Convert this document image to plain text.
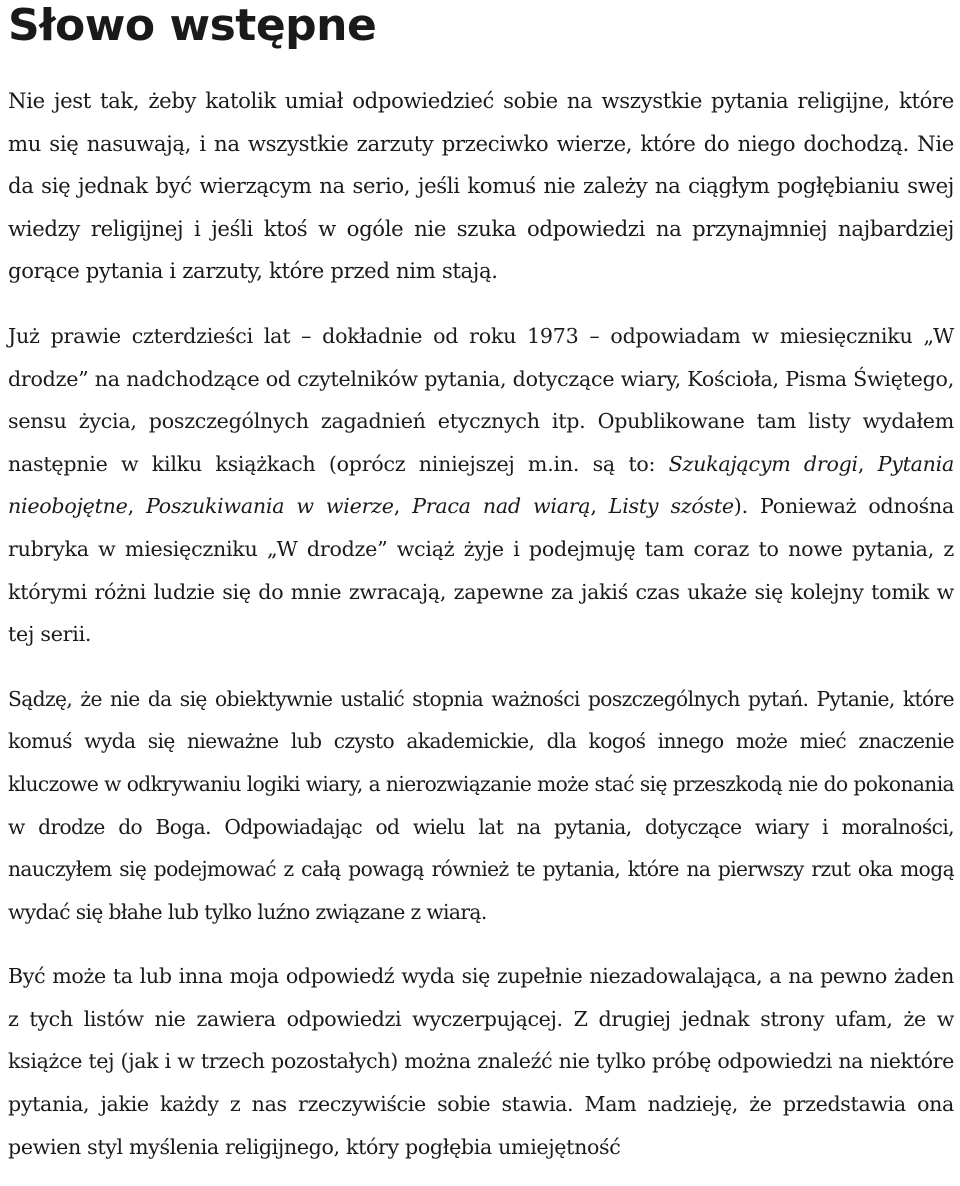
Słowo wstępne

Nie jest tak, żeby katolik umiał odpowiedzieć sobie na wszystkie pytania religijne, które mu się nasuwają, i na wszystkie zarzuty przeciwko wierze, które do niego dochodzą. Nie da się jednak być wierzącym na serio, jeśli komuś nie zależy na ciągłym pogłębianiu swej wiedzy religijnej i jeśli ktoś w ogóle nie szuka odpowiedzi na przynajmniej najbardziej gorące pytania i zarzuty, które przed nim stają.

Już prawie czterdzieści lat – dokładnie od roku 1973 – odpowiadam w miesięczniku „W drodze” na nadchodzące od czytelników pytania, dotyczące wiary, Kościoła, Pisma Świętego, sensu życia, poszczególnych zagadnień etycznych itp. Opublikowane tam listy wydałem następnie w kilku książkach (oprócz niniejszej m.in. są to: Szukającym drogi, Pytania nieobojętne, Poszukiwania w wierze, Praca nad wiarą, Listy szóste). Ponieważ odnośna rubryka w miesięczniku „W drodze” wciąż żyje i podejmuję tam coraz to nowe pytania, z którymi różni ludzie się do mnie zwracają, zapewne za jakiś czas ukaże się kolejny tomik w tej serii.

Sądzę, że nie da się obiektywnie ustalić stopnia ważności poszczególnych pytań. Pytanie, które komuś wyda się nieważne lub czysto akademickie, dla kogoś innego może mieć znaczenie kluczowe w odkrywaniu logiki wiary, a nierozwiązanie może stać się przeszkodą nie do pokonania w drodze do Boga. Odpowiadając od wielu lat na pytania, dotyczące wiary i moralności, nauczyłem się podejmować z całą powagą również te pytania, które na pierwszy rzut oka mogą wydać się błahe lub tylko luźno związane z wiarą.

Być może ta lub inna moja odpowiedź wyda się zupełnie niezadowalająca, a na pewno żaden z tych listów nie zawiera odpowiedzi wyczerpującej. Z drugiej jednak strony ufam, że w książce tej (jak i w trzech pozostałych) można znaleźć nie tylko próbę odpowiedzi na niektóre pytania, jakie każdy z nas rzeczywiście sobie stawia. Mam nadzieję, że przedstawia ona pewien styl myślenia religijnego, który pogłębia umiejętność
